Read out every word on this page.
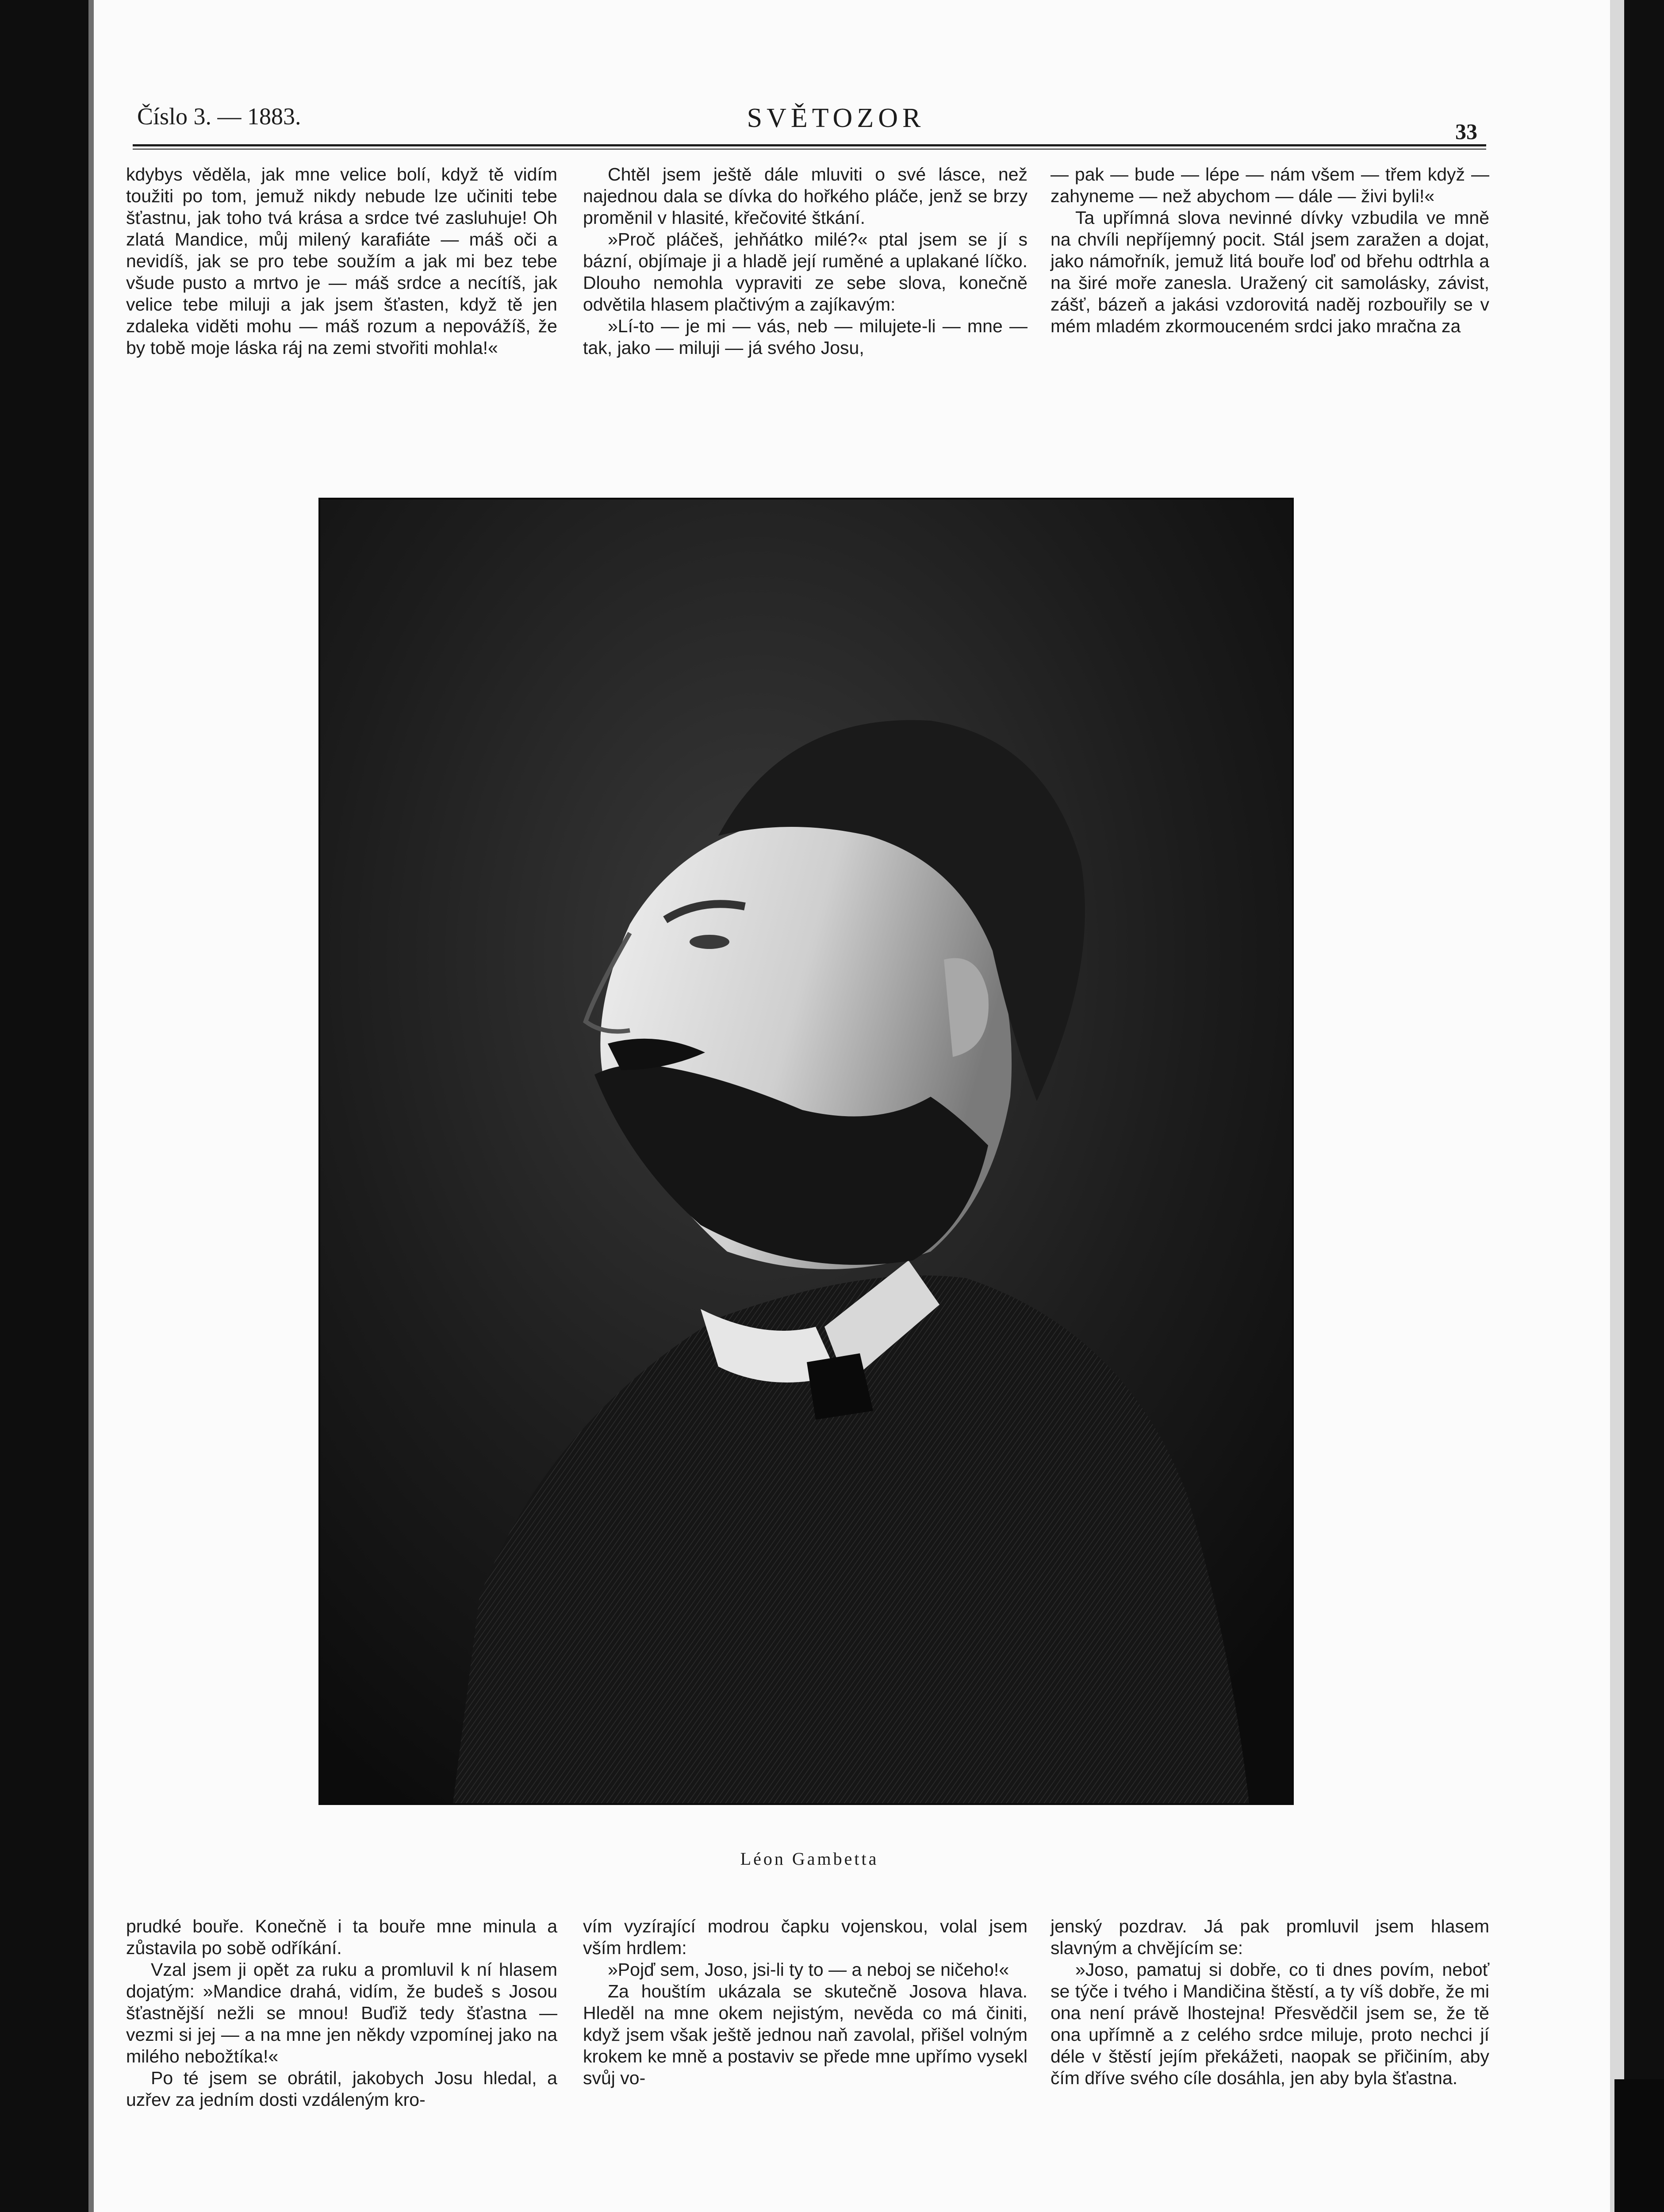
Číslo 3. — 1883.	SVĚTOZOR	33

kdybys věděla, jak mne velice bolí, když tě vidím toužiti po tom, jemuž nikdy nebude lze učiniti tebe šťastnu, jak toho tvá krása a srdce tvé zasluhuje! Oh zlatá Mandice, můj milený karafiáte — máš oči a nevidíš, jak se pro tebe soužím a jak mi bez tebe všude pusto a mrtvo je — máš srdce a necítíš, jak velice tebe miluji a jak jsem šťasten, když tě jen zdaleka viděti mohu — máš rozum a nepovážíš, že by tobě moje láska ráj na zemi stvořiti mohla!«

Chtěl jsem ještě dále mluviti o své lásce, než najednou dala se dívka do hořkého pláče, jenž se brzy proměnil v hlasité, křečovité štkání.

»Proč pláčeš, jehňátko milé?« ptal jsem se jí s bázní, objímaje ji a hladě její ruměné a uplakané líčko. Dlouho nemohla vypraviti ze sebe slova, konečně odvětila hlasem plačtivým a zajíkavým:

»Lí-to — je mi — vás, neb — milujete-li — mne — tak, jako — miluji — já svého Josu,

— pak — bude — lépe — nám všem — třem když — zahyneme — než abychom — dále — živi byli!«

Ta upřímná slova nevinné dívky vzbudila ve mně na chvíli nepříjemný pocit. Stál jsem zaražen a dojat, jako námořník, jemuž litá bouře loď od břehu odtrhla a na širé moře zanesla. Uražený cit samolásky, závist, zášť, bázeň a jakási vzdorovitá naděj rozbouřily se v mém mladém zkormouceném srdci jako mračna za

Léon Gambetta

prudké bouře. Konečně i ta bouře mne minula a zůstavila po sobě odříkání.

Vzal jsem ji opět za ruku a promluvil k ní hlasem dojatým: »Mandice drahá, vidím, že budeš s Josou šťastnější nežli se mnou! Buďiž tedy šťastna — vezmi si jej — a na mne jen někdy vzpomínej jako na milého nebožtíka!«

Po té jsem se obrátil, jakobych Josu hledal, a uzřev za jedním dosti vzdáleným kro-

vím vyzírající modrou čapku vojenskou, volal jsem vším hrdlem:

»Pojď sem, Joso, jsi-li ty to — a neboj se ničeho!«

Za houštím ukázala se skutečně Josova hlava. Hleděl na mne okem nejistým, nevěda co má činiti, když jsem však ještě jednou naň zavolal, přišel volným krokem ke mně a postaviv se přede mne upřímo vysekl svůj vo-

jenský pozdrav. Já pak promluvil jsem hlasem slavným a chvějícím se:

»Joso, pamatuj si dobře, co ti dnes povím, neboť se týče i tvého i Mandičina štěstí, a ty víš dobře, že mi ona není právě lhostejna! Přesvědčil jsem se, že tě ona upřímně a z celého srdce miluje, proto nechci jí déle v štěstí jejím překážeti, naopak se přičiním, aby čím dříve svého cíle dosáhla, jen aby byla šťastna.
